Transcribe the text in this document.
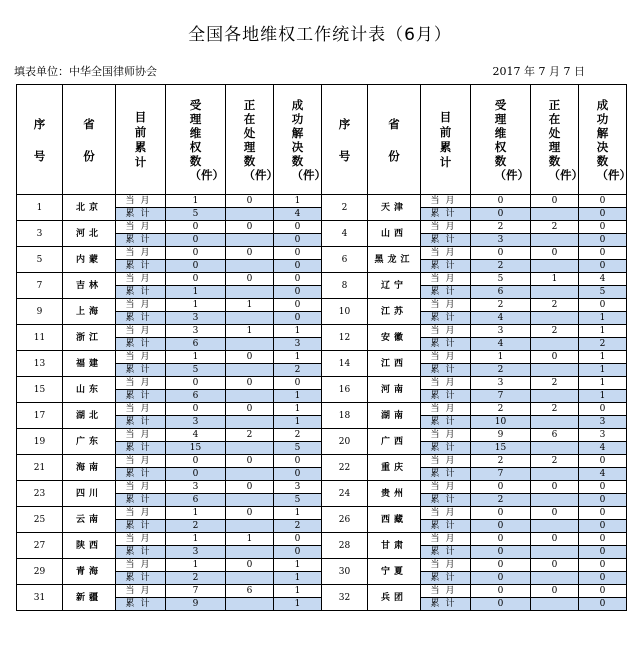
全国各地维权工作统计表（6月）
填表单位：中华全国律师协会	2017 年 7 月 7 日
序号	省份	目前累计	受理维权数（件）	正在处理数（件）	成功解决数（件）	序号	省份	目前累计	受理维权数（件）	正在处理数（件）	成功解决数（件）
1	北京	当月	1	0	1	2	天津	当月	0	0	0
		累计	5		4			累计	0		0
3	河北	当月	0	0	0	4	山西	当月	2	2	0
		累计	0		0			累计	3		0
5	内蒙	当月	0	0	0	6	黑龙江	当月	0	0	0
		累计	0		0			累计	2		0
7	吉林	当月	0	0	0	8	辽宁	当月	5	1	4
		累计	1		0			累计	6		5
9	上海	当月	1	1	0	10	江苏	当月	2	2	0
		累计	3		0			累计	4		1
11	浙江	当月	3	1	1	12	安徽	当月	3	2	1
		累计	6		3			累计	4		2
13	福建	当月	1	0	1	14	江西	当月	1	0	1
		累计	5		2			累计	2		1
15	山东	当月	0	0	0	16	河南	当月	3	2	1
		累计	6		1			累计	7		1
17	湖北	当月	0	0	1	18	湖南	当月	2	2	0
		累计	3		1			累计	10		3
19	广东	当月	4	2	2	20	广西	当月	9	6	3
		累计	15		5			累计	15		4
21	海南	当月	0	0	0	22	重庆	当月	2	2	0
		累计	0		0			累计	7		4
23	四川	当月	3	0	3	24	贵州	当月	0	0	0
		累计	6		5			累计	2		0
25	云南	当月	1	0	1	26	西藏	当月	0	0	0
		累计	2		2			累计	0		0
27	陕西	当月	1	1	0	28	甘肃	当月	0	0	0
		累计	3		0			累计	0		0
29	青海	当月	1	0	1	30	宁夏	当月	0	0	0
		累计	2		1			累计	0		0
31	新疆	当月	7	6	1	32	兵团	当月	0	0	0
		累计	9		1			累计	0		0
